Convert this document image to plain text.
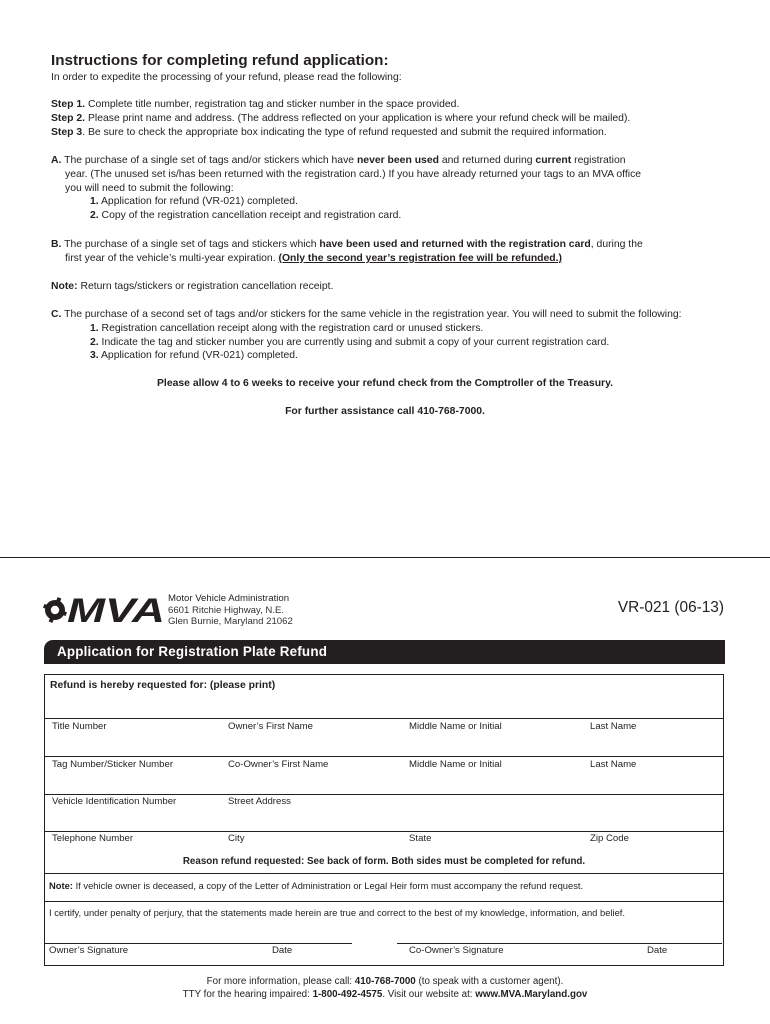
Instructions for completing refund application:
In order to expedite the processing of your refund, please read the following:
Step 1. Complete title number, registration tag and sticker number in the space provided.
Step 2. Please print name and address. (The address reflected on your application is where your refund check will be mailed).
Step 3. Be sure to check the appropriate box indicating the type of refund requested and submit the required information.
A. The purchase of a single set of tags and/or stickers which have never been used and returned during current registration
year. (The unused set is/has been returned with the registration card.) If you have already returned your tags to an MVA office
you will need to submit the following:
1. Application for refund (VR-021) completed.
2. Copy of the registration cancellation receipt and registration card.
B. The purchase of a single set of tags and stickers which have been used and returned with the registration card, during the
first year of the vehicle’s multi-year expiration. (Only the second year’s registration fee will be refunded.)
Note: Return tags/stickers or registration cancellation receipt.
C. The purchase of a second set of tags and/or stickers for the same vehicle in the registration year. You will need to submit the following:
1. Registration cancellation receipt along with the registration card or unused stickers.
2. Indicate the tag and sticker number you are currently using and submit a copy of your current registration card.
3. Application for refund (VR-021) completed.
Please allow 4 to 6 weeks to receive your refund check from the Comptroller of the Treasury.
For further assistance call 410-768-7000.
MVA Motor Vehicle Administration
6601 Ritchie Highway, N.E.
Glen Burnie, Maryland 21062
VR-021 (06-13)
Application for Registration Plate Refund
Refund is hereby requested for: (please print)
Title Number	Owner’s First Name	Middle Name or Initial	Last Name
Tag Number/Sticker Number	Co-Owner’s First Name	Middle Name or Initial	Last Name
Vehicle Identification Number	Street Address
Telephone Number	City	State	Zip Code
Reason refund requested: See back of form. Both sides must be completed for refund.
Note: If vehicle owner is deceased, a copy of the Letter of Administration or Legal Heir form must accompany the refund request.
I certify, under penalty of perjury, that the statements made herein are true and correct to the best of my knowledge, information, and belief.
Owner’s Signature	Date	Co-Owner’s Signature	Date
For more information, please call: 410-768-7000 (to speak with a customer agent).
TTY for the hearing impaired: 1-800-492-4575. Visit our website at: www.MVA.Maryland.gov
